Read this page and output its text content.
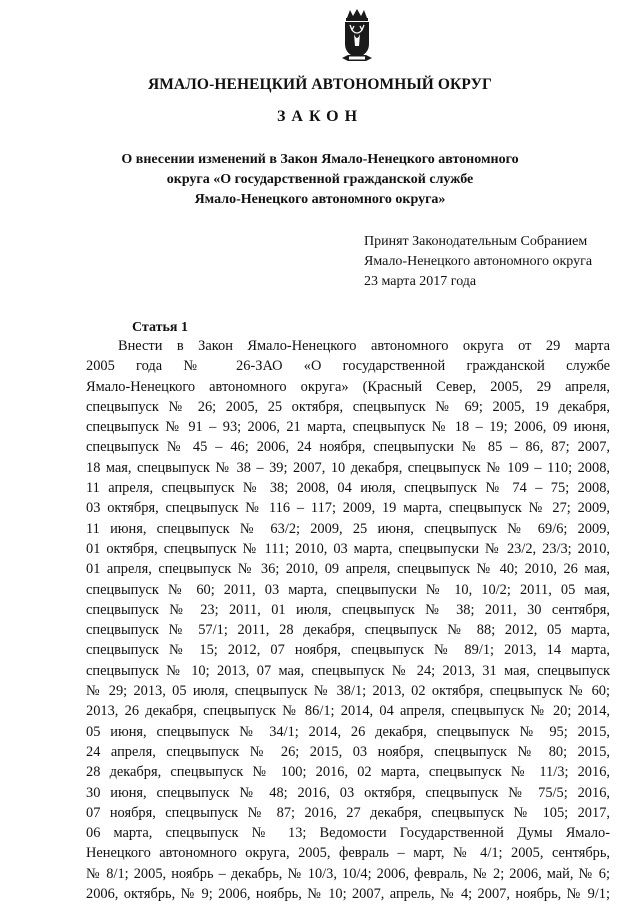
ЯМАЛО-НЕНЕЦКИЙ АВТОНОМНЫЙ ОКРУГ
ЗАКОН
О внесении изменений в Закон Ямало-Ненецкого автономного
округа «О государственной гражданской службе
Ямало-Ненецкого автономного округа»
Принят Законодательным Собранием
Ямало-Ненецкого автономного округа
23 марта 2017 года
Статья 1
Внести в Закон Ямало-Ненецкого автономного округа от 29 марта
2005 года № 26-ЗАО «О государственной гражданской службе
Ямало-Ненецкого автономного округа» (Красный Север, 2005, 29 апреля,
спецвыпуск № 26; 2005, 25 октября, спецвыпуск № 69; 2005, 19 декабря,
спецвыпуск № 91 – 93; 2006, 21 марта, спецвыпуск № 18 – 19; 2006, 09 июня,
спецвыпуск № 45 – 46; 2006, 24 ноября, спецвыпуски № 85 – 86, 87; 2007,
18 мая, спецвыпуск № 38 – 39; 2007, 10 декабря, спецвыпуск № 109 – 110; 2008,
11 апреля, спецвыпуск № 38; 2008, 04 июля, спецвыпуск № 74 – 75; 2008,
03 октября, спецвыпуск № 116 – 117; 2009, 19 марта, спецвыпуск № 27; 2009,
11 июня, спецвыпуск № 63/2; 2009, 25 июня, спецвыпуск № 69/6; 2009,
01 октября, спецвыпуск № 111; 2010, 03 марта, спецвыпуски № 23/2, 23/3; 2010,
01 апреля, спецвыпуск № 36; 2010, 09 апреля, спецвыпуск № 40; 2010, 26 мая,
спецвыпуск № 60; 2011, 03 марта, спецвыпуски № 10, 10/2; 2011, 05 мая,
спецвыпуск № 23; 2011, 01 июля, спецвыпуск № 38; 2011, 30 сентября,
спецвыпуск № 57/1; 2011, 28 декабря, спецвыпуск № 88; 2012, 05 марта,
спецвыпуск № 15; 2012, 07 ноября, спецвыпуск № 89/1; 2013, 14 марта,
спецвыпуск № 10; 2013, 07 мая, спецвыпуск № 24; 2013, 31 мая, спецвыпуск
№ 29; 2013, 05 июля, спецвыпуск № 38/1; 2013, 02 октября, спецвыпуск № 60;
2013, 26 декабря, спецвыпуск № 86/1; 2014, 04 апреля, спецвыпуск № 20; 2014,
05 июня, спецвыпуск № 34/1; 2014, 26 декабря, спецвыпуск № 95; 2015,
24 апреля, спецвыпуск № 26; 2015, 03 ноября, спецвыпуск № 80; 2015,
28 декабря, спецвыпуск № 100; 2016, 02 марта, спецвыпуск № 11/3; 2016,
30 июня, спецвыпуск № 48; 2016, 03 октября, спецвыпуск № 75/5; 2016,
07 ноября, спецвыпуск № 87; 2016, 27 декабря, спецвыпуск № 105; 2017,
06 марта, спецвыпуск № 13; Ведомости Государственной Думы Ямало-
Ненецкого автономного округа, 2005, февраль – март, № 4/1; 2005, сентябрь,
№ 8/1; 2005, ноябрь – декабрь, № 10/3, 10/4; 2006, февраль, № 2; 2006, май, № 6;
2006, октябрь, № 9; 2006, ноябрь, № 10; 2007, апрель, № 4; 2007, ноябрь, № 9/1;
